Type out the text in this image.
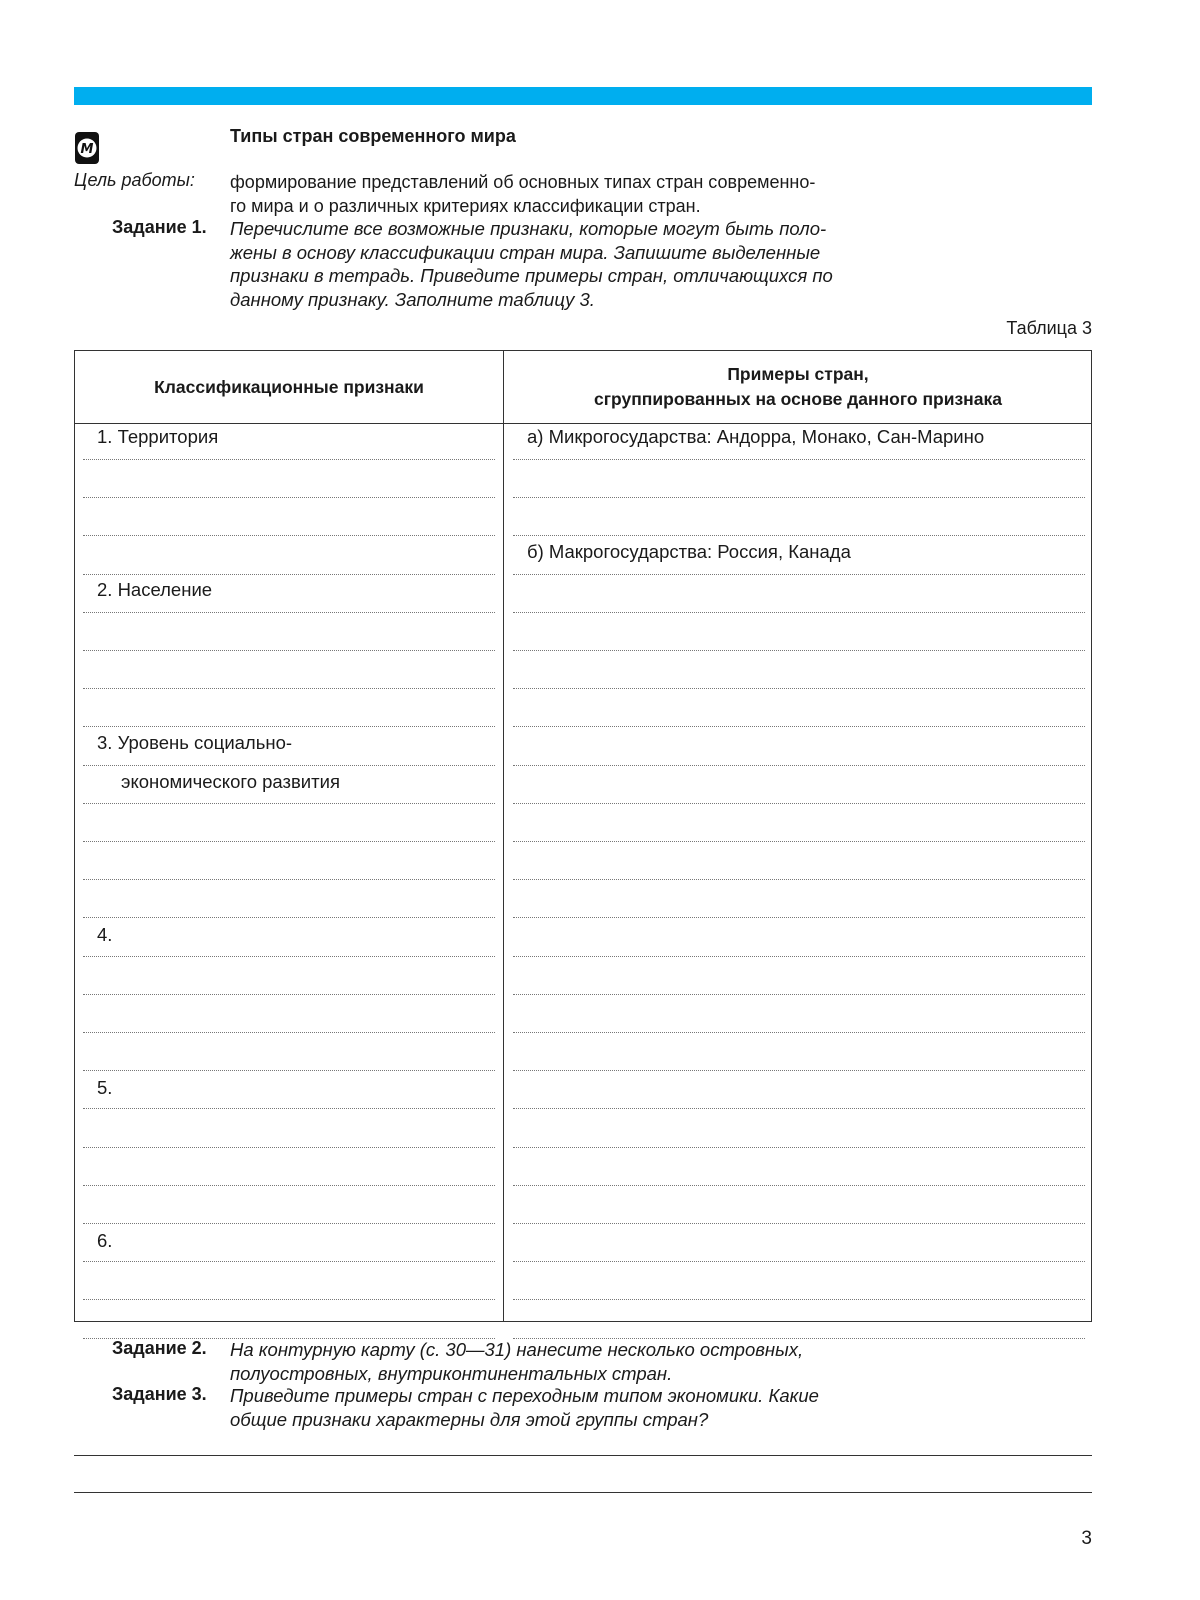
М
Типы стран современного мира
Цель работы: формирование представлений об основных типах стран современно-
го мира и о различных критериях классификации стран.
Задание 1. Перечислите все возможные признаки, которые могут быть поло-
жены в основу классификации стран мира. Запишите выделенные
признаки в тетрадь. Приведите примеры стран, отличающихся по
данному признаку. Заполните таблицу 3.
Таблица 3
Классификационные признаки
Примеры стран,
сгруппированных на основе данного признака
1. Территория
2. Население
3. Уровень социально-
экономического развития
4.
5.
6.
а) Микрогосударства: Андорра, Монако, Сан-Марино
б) Макрогосударства: Россия, Канада
Задание 2. На контурную карту (с. 30—31) нанесите несколько островных,
полуостровных, внутриконтинентальных стран.
Задание 3. Приведите примеры стран с переходным типом экономики. Какие
общие признаки характерны для этой группы стран?
3
